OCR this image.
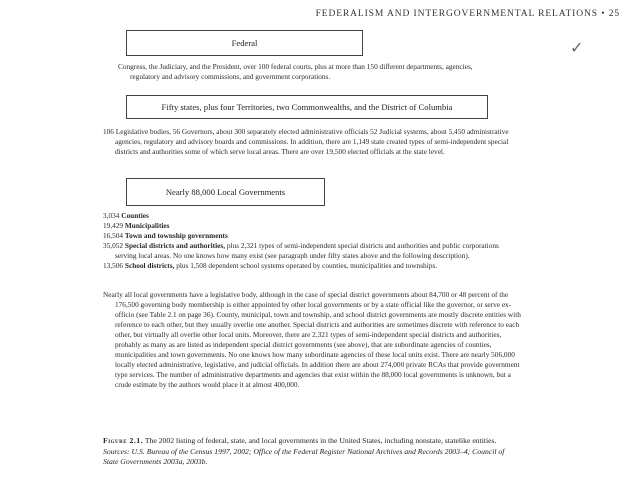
FEDERALISM AND INTERGOVERNMENTAL RELATIONS • 25
✓
Federal
Congress, the Judiciary, and the President, over 100 federal courts, plus at more than 150 different departments, agencies, regulatory and advisory commissions, and government corporations.
Fifty states, plus four Territories, two Commonwealths, and the District of Columbia
106 Legislative bodies, 56 Governors, about 300 separately elected administrative officials 52 Judicial systems, about 5,450 administrative agencies, regulatory and advisory boards and commissions. In addition, there are 1,149 state created types of semi-independent special districts and authorities some of which serve local areas. There are over 19,500 elected officials at the state level.
Nearly 88,000 Local Governments
3,034 Counties
19,429 Municipalities
16,504 Town and township governments
35,052 Special districts and authorities, plus 2,321 types of semi-independent special districts and authorities and public corporations serving local areas. No one knows how many exist (see paragraph under fifty states above and the following description).
13,506 School districts, plus 1,508 dependent school systems operated by counties, municipalities and townships.
Nearly all local governments have a legislative body, although in the case of special district governments about 84,700 or 48 percent of the 176,500 governing body membership is either appointed by other local governments or by a state official like the governor, or serve ex-officio (see Table 2.1 on page 36). County, municipal, town and township, and school district governments are mostly discrete entities with reference to each other, but they usually overlie one another. Special districts and authorities are sometimes discrete with reference to each other, but virtually all overlie other local units. Moreover, there are 2,321 types of semi-independent special districts and authorities, probably as many as are listed as independent special district governments (see above), that are subordinate agencies of counties, municipalities and town governments. No one knows how many subordinate agencies of these local units exist. There are nearly 506,000 locally elected administrative, legislative, and judicial officials. In addition there are about 274,000 private RCAs that provide government type services. The number of administrative departments and agencies that exist within the 88,000 local governments is unknown, but a crude estimate by the authors would place it at almost 400,000.
Figure 2.1. The 2002 listing of federal, state, and local governments in the United States, including nonstate, statelike entities. Sources: U.S. Bureau of the Census 1997, 2002; Office of the Federal Register National Archives and Records 2003–4; Council of State Governments 2003a, 2003b.
